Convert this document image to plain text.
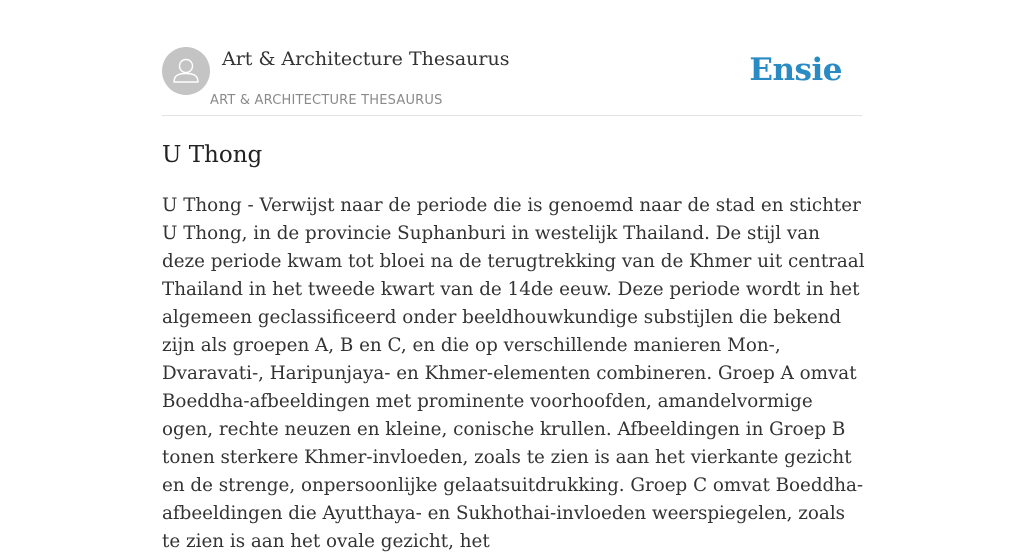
Art & Architecture Thesaurus
ART & ARCHITECTURE THESAURUS
Ensie
U Thong

U Thong - Verwijst naar de periode die is genoemd naar de stad en stichter U Thong, in de provincie Suphanburi in westelijk Thailand. De stijl van deze periode kwam tot bloei na de terugtrekking van de Khmer uit centraal Thailand in het tweede kwart van de 14de eeuw. Deze periode wordt in het algemeen geclassificeerd onder beeldhouwkundige substijlen die bekend zijn als groepen A, B en C, en die op verschillende manieren Mon-, Dvaravati-, Haripunjaya- en Khmer-elementen combineren. Groep A omvat Boeddha-afbeeldingen met prominente voorhoofden, amandelvormige ogen, rechte neuzen en kleine, conische krullen. Afbeeldingen in Groep B tonen sterkere Khmer-invloeden, zoals te zien is aan het vierkante gezicht en de strenge, onpersoonlijke gelaatsuitdrukking. Groep C omvat Boeddha-afbeeldingen die Ayutthaya- en Sukhothai-invloeden weerspiegelen, zoals te zien is aan het ovale gezicht, het
